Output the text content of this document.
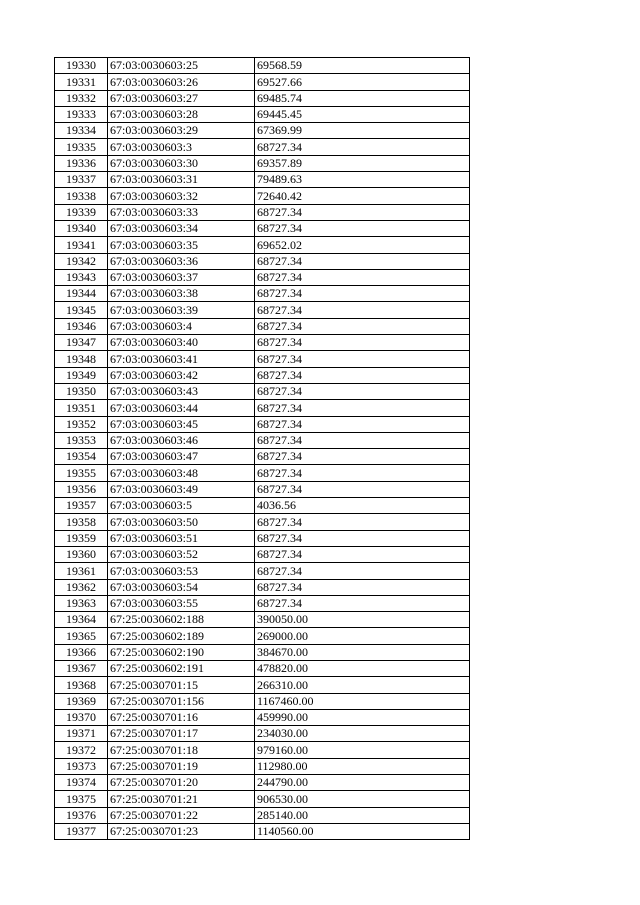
19330	67:03:0030603:25	69568.59
19331	67:03:0030603:26	69527.66
19332	67:03:0030603:27	69485.74
19333	67:03:0030603:28	69445.45
19334	67:03:0030603:29	67369.99
19335	67:03:0030603:3	68727.34
19336	67:03:0030603:30	69357.89
19337	67:03:0030603:31	79489.63
19338	67:03:0030603:32	72640.42
19339	67:03:0030603:33	68727.34
19340	67:03:0030603:34	68727.34
19341	67:03:0030603:35	69652.02
19342	67:03:0030603:36	68727.34
19343	67:03:0030603:37	68727.34
19344	67:03:0030603:38	68727.34
19345	67:03:0030603:39	68727.34
19346	67:03:0030603:4	68727.34
19347	67:03:0030603:40	68727.34
19348	67:03:0030603:41	68727.34
19349	67:03:0030603:42	68727.34
19350	67:03:0030603:43	68727.34
19351	67:03:0030603:44	68727.34
19352	67:03:0030603:45	68727.34
19353	67:03:0030603:46	68727.34
19354	67:03:0030603:47	68727.34
19355	67:03:0030603:48	68727.34
19356	67:03:0030603:49	68727.34
19357	67:03:0030603:5	4036.56
19358	67:03:0030603:50	68727.34
19359	67:03:0030603:51	68727.34
19360	67:03:0030603:52	68727.34
19361	67:03:0030603:53	68727.34
19362	67:03:0030603:54	68727.34
19363	67:03:0030603:55	68727.34
19364	67:25:0030602:188	390050.00
19365	67:25:0030602:189	269000.00
19366	67:25:0030602:190	384670.00
19367	67:25:0030602:191	478820.00
19368	67:25:0030701:15	266310.00
19369	67:25:0030701:156	1167460.00
19370	67:25:0030701:16	459990.00
19371	67:25:0030701:17	234030.00
19372	67:25:0030701:18	979160.00
19373	67:25:0030701:19	112980.00
19374	67:25:0030701:20	244790.00
19375	67:25:0030701:21	906530.00
19376	67:25:0030701:22	285140.00
19377	67:25:0030701:23	1140560.00
